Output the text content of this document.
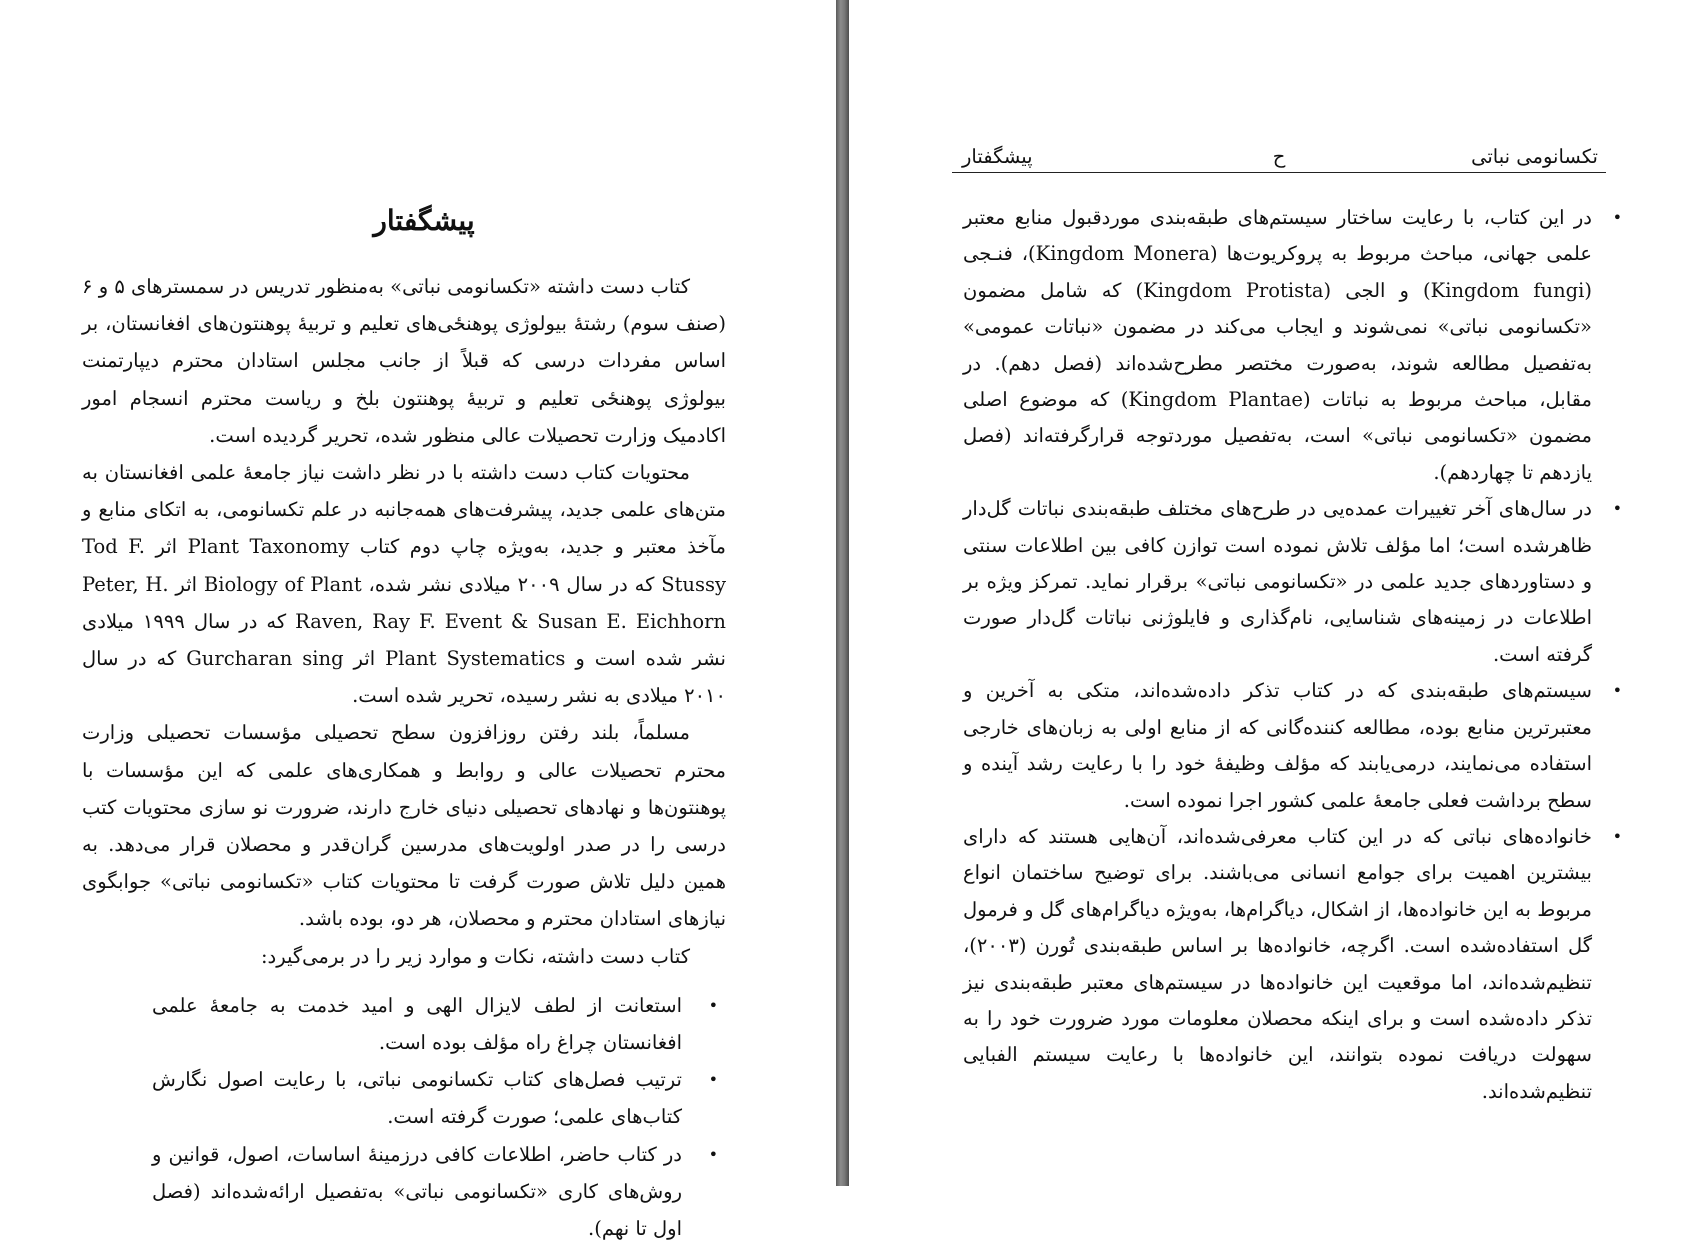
پیشگفتار

کتاب دست داشته «تکسانومی نباتی» به‌منظور تدریس در سمسترهای ۵ و ۶ (صنف سوم) رشتهٔ بیولوژی پوهنځی‌های تعلیم و تربیهٔ پوهنتون‌های افغانستان، بر اساس مفردات درسی که قبلاً از جانب مجلس استادان محترم دیپارتمنت بیولوژی پوهنځی تعلیم و تربیهٔ پوهنتون بلخ و ریاست محترم انسجام امور اکادمیک وزارت تحصیلات عالی منظور شده، تحریر گردیده است.

محتویات کتاب دست داشته با در نظر داشت نیاز جامعهٔ علمی افغانستان به متن‌های علمی جدید، پیشرفت‌های همه‌جانبه در علم تکسانومی، به اتکای منابع و مآخذ معتبر و جدید، به‌ویژه چاپ دوم کتاب Plant Taxonomy اثر Tod F. Stussy که در سال ۲۰۰۹ میلادی نشر شده، Biology of Plant اثر Peter, H. Raven, Ray F. Event & Susan E. Eichhorn که در سال ۱۹۹۹ میلادی نشر شده است و Plant Systematics اثر Gurcharan sing که در سال ۲۰۱۰ میلادی به نشر رسیده، تحریر شده است.

مسلماً، بلند رفتن روزافزون سطح تحصیلی مؤسسات تحصیلی وزارت محترم تحصیلات عالی و روابط و همکاری‌های علمی که این مؤسسات با پوهنتون‌ها و نهادهای تحصیلی دنیای خارج دارند، ضرورت نو سازی محتویات کتب درسی را در صدر اولویت‌های مدرسین گران‌قدر و محصلان قرار می‌دهد. به همین دلیل تلاش صورت گرفت تا محتویات کتاب «تکسانومی نباتی» جوابگوی نیازهای استادان محترم و محصلان، هر دو، بوده باشد.

کتاب دست داشته، نکات و موارد زیر را در برمی‌گیرد:

•
استعانت از لطف لایزال الهی و امید خدمت به جامعهٔ علمی افغانستان چراغ راه مؤلف بوده است.
•
ترتیب فصل‌های کتاب تکسانومی نباتی، با رعایت اصول نگارش کتاب‌های علمی؛ صورت گرفته است.
•
در کتاب حاضر، اطلاعات کافی درزمینهٔ اساسات، اصول، قوانین و روش‌های کاری «تکسانومی نباتی» به‌تفصیل ارائه‌شده‌اند (فصل اول تا نهم).
تکسانومی نباتی
ح
پیشگفتار
•
در این کتاب، با رعایت ساختار سیستم‌های طبقه‌بندی موردقبول منابع معتبر علمی جهانی، مباحث مربوط به پروکریوت‌ها (Kingdom Monera)، فنـجی (Kingdom fungi) و الجی (Kingdom Protista) که شامل مضمون «تکسانومی نباتی» نمی‌شوند و ایجاب می‌کند در مضمون «نباتات عمومی» به‌تفصیل مطالعه شوند، به‌صورت مختصر مطرح‌شده‌اند (فصل دهم). در مقابل، مباحث مربوط به نباتات (Kingdom Plantae) که موضوع اصلی مضمون «تکسانومی نباتی» است، به‌تفصیل موردتوجه قرارگرفته‌اند (فصل یازدهم تا چهاردهم).
•
در سال‌های آخر تغییرات عمده‌یی در طرح‌های مختلف طبقه‌بندی نباتات گل‌دار ظاهرشده است؛ اما مؤلف تلاش نموده است توازن کافی بین اطلاعات سنتی و دستاوردهای جدید علمی در «تکسانومی نباتی» برقرار نماید. تمرکز ویژه بر اطلاعات در زمینه‌های شناسایی، نام‌گذاری و فایلوژنی نباتات گل‌دار صورت گرفته است.
•
سیستم‌های طبقه‌بندی که در کتاب تذکر داده‌شده‌اند، متکی به آخرین و معتبرترین منابع بوده، مطالعه کننده‌گانی که از منابع اولی به زبان‌های خارجی استفاده می‌نمایند، درمی‌یابند که مؤلف وظیفهٔ خود را با رعایت رشد آینده و سطح برداشت فعلی جامعهٔ علمی کشور اجرا نموده است.
•
خانواده‌های نباتی که در این کتاب معرفی‌شده‌اند، آن‌هایی هستند که دارای بیشترین اهمیت برای جوامع انسانی می‌باشند. برای توضیح ساختمان انواع مربوط به این خانواده‌ها، از اشکال، دیاگرام‌ها، به‌ویژه دیاگرام‌های گل و فرمول گل استفاده‌شده است. اگرچه، خانواده‌ها بر اساس طبقه‌بندی تُورن (۲۰۰۳)، تنظیم‌شده‌اند، اما موقعیت این خانواده‌ها در سیستم‌های معتبر طبقه‌بندی نیز تذکر داده‌شده است و برای اینکه محصلان معلومات مورد ضرورت خود را به سهولت دریافت نموده بتوانند، این خانواده‌ها با رعایت سیستم الفبایی تنظیم‌شده‌اند.
